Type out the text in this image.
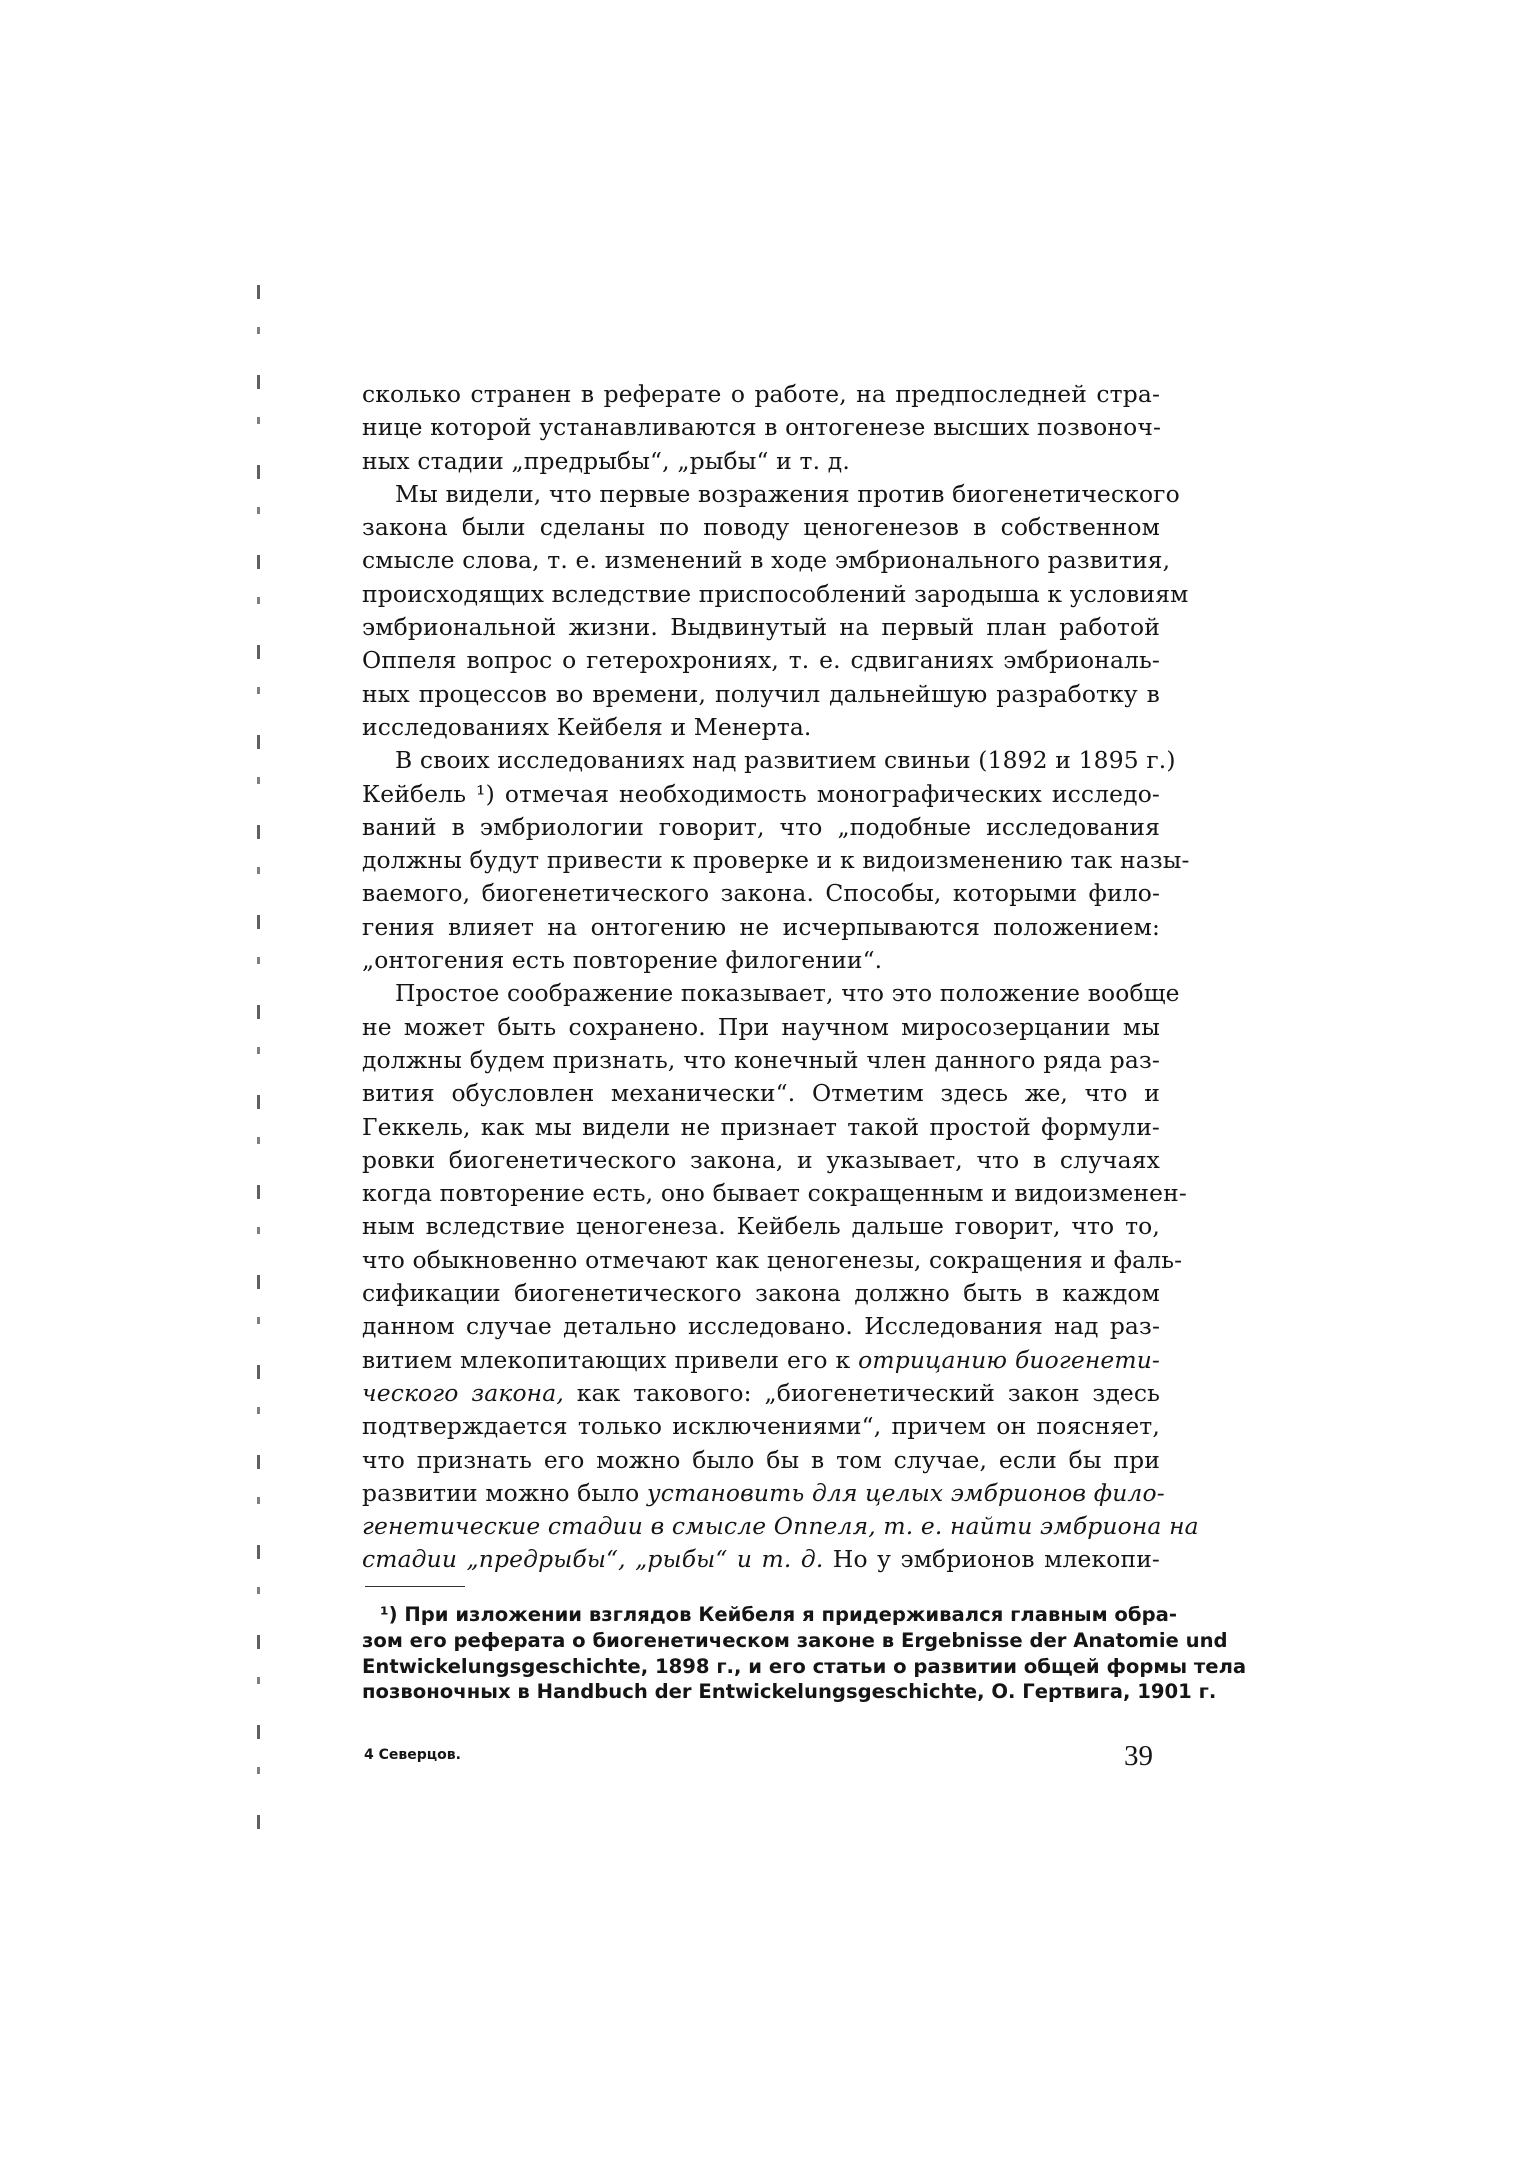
сколько странен в реферате о работе, на предпоследней стра-
нице которой устанавливаются в онтогенезе высших позвоноч-
ных стадии „предрыбы“, „рыбы“ и т. д.

Мы видели, что первые возражения против биогенетического
закона были сделаны по поводу ценогенезов в собственном
смысле слова, т. е. изменений в ходе эмбрионального развития,
происходящих вследствие приспособлений зародыша к условиям
эмбриональной жизни. Выдвинутый на первый план работой
Оппеля вопрос о гетерохрониях, т. е. сдвиганиях эмбриональ-
ных процессов во времени, получил дальнейшую разработку в
исследованиях Кейбеля и Менерта.

В своих исследованиях над развитием свиньи (1892 и 1895 г.)
Кейбель ¹) отмечая необходимость монографических исследо-
ваний в эмбриологии говорит, что „подобные исследования
должны будут привести к проверке и к видоизменению так назы-
ваемого, биогенетического закона. Способы, которыми фило-
гения влияет на онтогению не исчерпываются положением:
„онтогения есть повторение филогении“.

Простое соображение показывает, что это положение вообще
не может быть сохранено. При научном миросозерцании мы
должны будем признать, что конечный член данного ряда раз-
вития обусловлен механически“. Отметим здесь же, что и
Геккель, как мы видели не признает такой простой формули-
ровки биогенетического закона, и указывает, что в случаях
когда повторение есть, оно бывает сокращенным и видоизменен-
ным вследствие ценогенеза. Кейбель дальше говорит, что то,
что обыкновенно отмечают как ценогенезы, сокращения и фаль-
сификации биогенетического закона должно быть в каждом
данном случае детально исследовано. Исследования над раз-
витием млекопитающих привели его к отрицанию биогенети-
ческого закона, как такового: „биогенетический закон здесь
подтверждается только исключениями“, причем он поясняет,
что признать его можно было бы в том случае, если бы при
развитии можно было установить для целых эмбрионов фило-
генетические стадии в смысле Оппеля, т. е. найти эмбриона на
стадии „предрыбы“, „рыбы“ и т. д. Но у эмбрионов млекопи-

¹) При изложении взглядов Кейбеля я придерживался главным обра-
зом его реферата о биогенетическом законе в Ergebnisse der Anatomie und
Entwickelungsgeschichte, 1898 г., и его статьи о развитии общей формы тела
позвоночных в Handbuch der Entwickelungsgeschichte, О. Гертвига, 1901 г.
4 Северцов.	39
